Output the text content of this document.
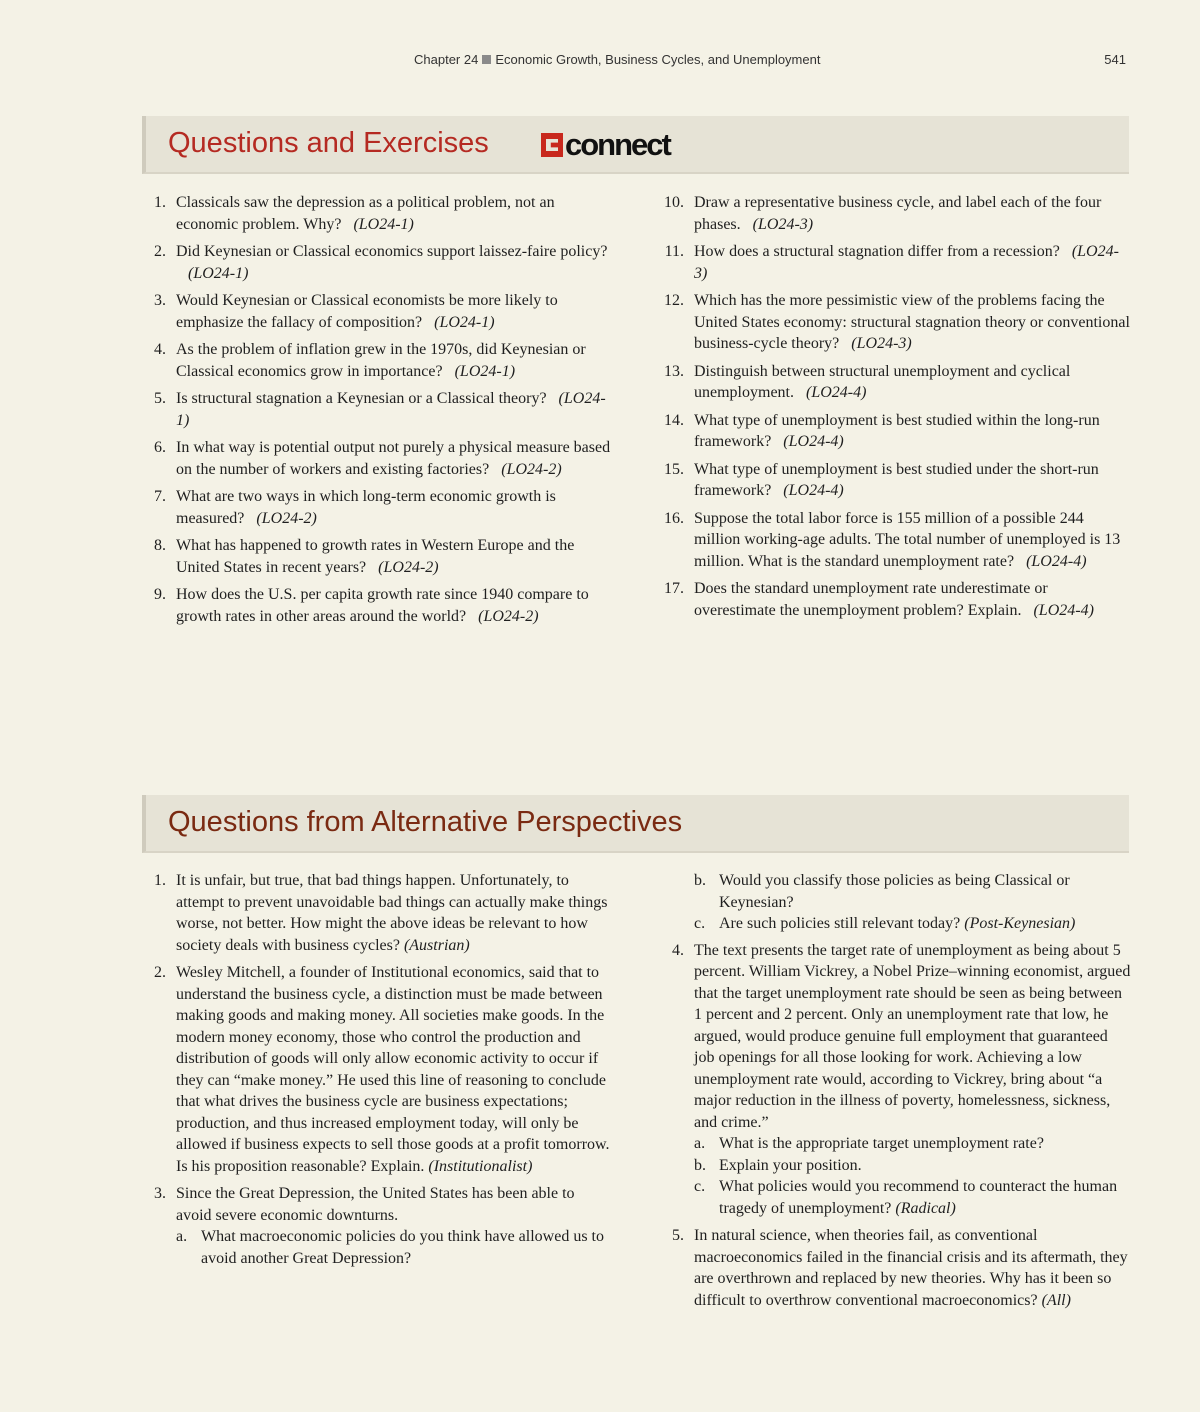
Chapter 24 Economic Growth, Business Cycles, and Unemployment	541
Questions and Exercises connect
1. Classicals saw the depression as a political problem, not an economic problem. Why? (LO24-1)
2. Did Keynesian or Classical economics support laissez-faire policy?(LO24-1)
3. Would Keynesian or Classical economists be more likely to emphasize the fallacy of composition? (LO24-1)
4. As the problem of inflation grew in the 1970s, did Keynesian or Classical economics grow in importance? (LO24-1)
5. Is structural stagnation a Keynesian or a Classical theory? (LO24-1)
6. In what way is potential output not purely a physical measure based on the number of workers and existing factories? (LO24-2)
7. What are two ways in which long-term economic growth is measured? (LO24-2)
8. What has happened to growth rates in Western Europe and the United States in recent years? (LO24-2)
9. How does the U.S. per capita growth rate since 1940 compare to growth rates in other areas around the world? (LO24-2)
10. Draw a representative business cycle, and label each of the four phases. (LO24-3)
11. How does a structural stagnation differ from a recession? (LO24-3)
12. Which has the more pessimistic view of the problems facing the United States economy: structural stagnation theory or conventional business-cycle theory? (LO24-3)
13. Distinguish between structural unemployment and cyclical unemployment. (LO24-4)
14. What type of unemployment is best studied within the long-run framework? (LO24-4)
15. What type of unemployment is best studied under the short-run framework? (LO24-4)
16. Suppose the total labor force is 155 million of a possible 244 million working-age adults. The total number of unemployed is 13 million. What is the standard unemployment rate? (LO24-4)
17. Does the standard unemployment rate underestimate or overestimate the unemployment problem? Explain. (LO24-4)
Questions from Alternative Perspectives
1. It is unfair, but true, that bad things happen. Unfortunately, to attempt to prevent unavoidable bad things can actually make things worse, not better. How might the above ideas be relevant to how society deals with business cycles? (Austrian)
2. Wesley Mitchell, a founder of Institutional economics, said that to understand the business cycle, a distinction must be made between making goods and making money. All societies make goods. In the modern money economy, those who control the production and distribution of goods will only allow economic activity to occur if they can “make money.” He used this line of reasoning to conclude that what drives the business cycle are business expectations; production, and thus increased employment today, will only be allowed if business expects to sell those goods at a profit tomorrow. Is his proposition reasonable? Explain. (Institutionalist)
3. Since the Great Depression, the United States has been able to avoid severe economic downturns.
a. What macroeconomic policies do you think have allowed us to avoid another Great Depression?
b. Would you classify those policies as being Classical or Keynesian?
c. Are such policies still relevant today? (Post-Keynesian)
4. The text presents the target rate of unemployment as being about 5 percent. William Vickrey, a Nobel Prize–winning economist, argued that the target unemployment rate should be seen as being between 1 percent and 2 percent. Only an unemployment rate that low, he argued, would produce genuine full employment that guaranteed job openings for all those looking for work. Achieving a low unemployment rate would, according to Vickrey, bring about “a major reduction in the illness of poverty, homelessness, sickness, and crime.”
a. What is the appropriate target unemployment rate?
b. Explain your position.
c. What policies would you recommend to counteract the human tragedy of unemployment? (Radical)
5. In natural science, when theories fail, as conventional macroeconomics failed in the financial crisis and its aftermath, they are overthrown and replaced by new theories. Why has it been so difficult to overthrow conventional macroeconomics? (All)
